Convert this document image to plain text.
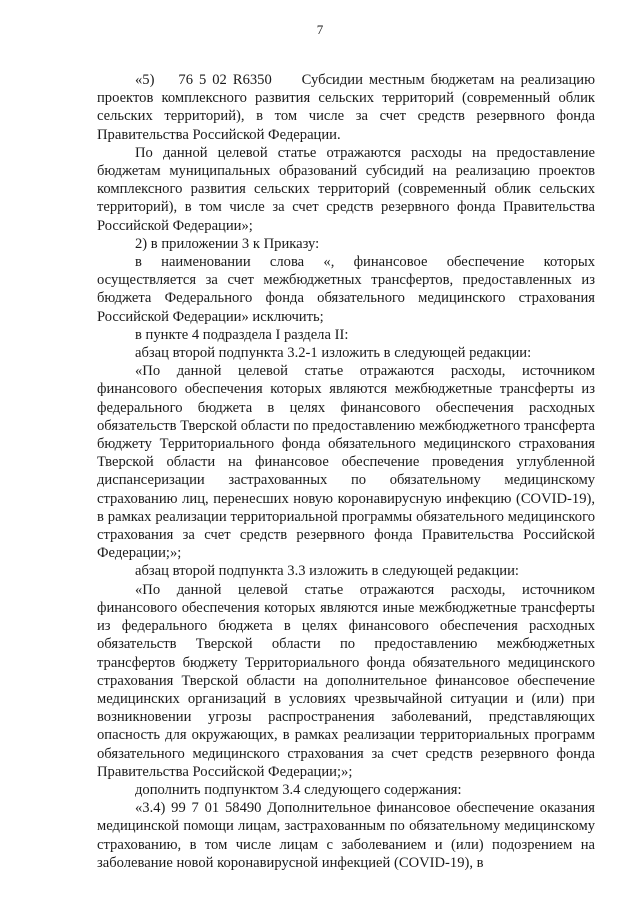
7

«5)    76 5 02 R6350     Субсидии местным бюджетам на реализацию проектов комплексного развития сельских территорий (современный облик сельских территорий), в том числе за счет средств резервного фонда Правительства Российской Федерации.

По данной целевой статье отражаются расходы на предоставление бюджетам муниципальных образований субсидий на реализацию проектов комплексного развития сельских территорий (современный облик сельских территорий), в том числе за счет средств резервного фонда Правительства Российской Федерации»;

2) в приложении 3 к Приказу:

в наименовании слова «, финансовое обеспечение которых осуществляется за счет межбюджетных трансфертов, предоставленных из бюджета Федерального фонда обязательного медицинского страхования Российской Федерации» исключить;

в пункте 4 подраздела I раздела II:

абзац второй подпункта 3.2-1 изложить в следующей редакции:

«По данной целевой статье отражаются расходы, источником финансового обеспечения которых являются межбюджетные трансферты из федерального бюджета в целях финансового обеспечения расходных обязательств Тверской области по предоставлению межбюджетного трансферта бюджету Территориального фонда обязательного медицинского страхования Тверской области на финансовое обеспечение проведения углубленной диспансеризации застрахованных по обязательному медицинскому страхованию лиц, перенесших новую коронавирусную инфекцию (COVID-19), в рамках реализации территориальной программы обязательного медицинского страхования за счет средств резервного фонда Правительства Российской Федерации;»;

абзац второй подпункта 3.3 изложить в следующей редакции:

«По данной целевой статье отражаются расходы, источником финансового обеспечения которых являются иные межбюджетные трансферты из федерального бюджета в целях финансового обеспечения расходных обязательств Тверской области по предоставлению межбюджетных трансфертов бюджету Территориального фонда обязательного медицинского страхования Тверской области на дополнительное финансовое обеспечение медицинских организаций в условиях чрезвычайной ситуации и (или) при возникновении угрозы распространения заболеваний, представляющих опасность для окружающих, в рамках реализации территориальных программ обязательного медицинского страхования за счет средств резервного фонда Правительства Российской Федерации;»;

дополнить подпунктом 3.4 следующего содержания:

«3.4) 99 7 01 58490 Дополнительное финансовое обеспечение оказания медицинской помощи лицам, застрахованным по обязательному медицинскому страхованию, в том числе лицам с заболеванием и (или) подозрением на заболевание новой коронавирусной инфекцией (COVID-19), в
